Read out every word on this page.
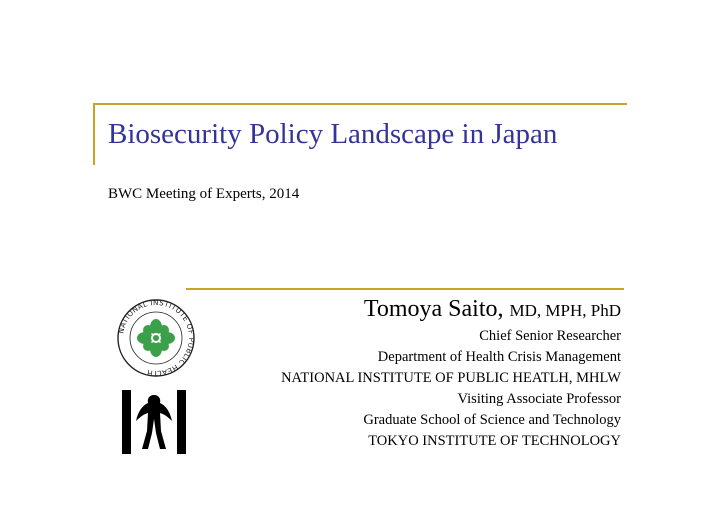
Biosecurity Policy Landscape in Japan
BWC Meeting of Experts, 2014
Tomoya Saito, MD, MPH, PhD
Chief Senior Researcher
Department of Health Crisis Management
NATIONAL INSTITUTE OF PUBLIC HEATLH, MHLW
Visiting Associate Professor
Graduate School of Science and Technology
TOKYO INSTITUTE OF TECHNOLOGY
NATIONAL INSTITUTE OF PUBLIC HEALTH
